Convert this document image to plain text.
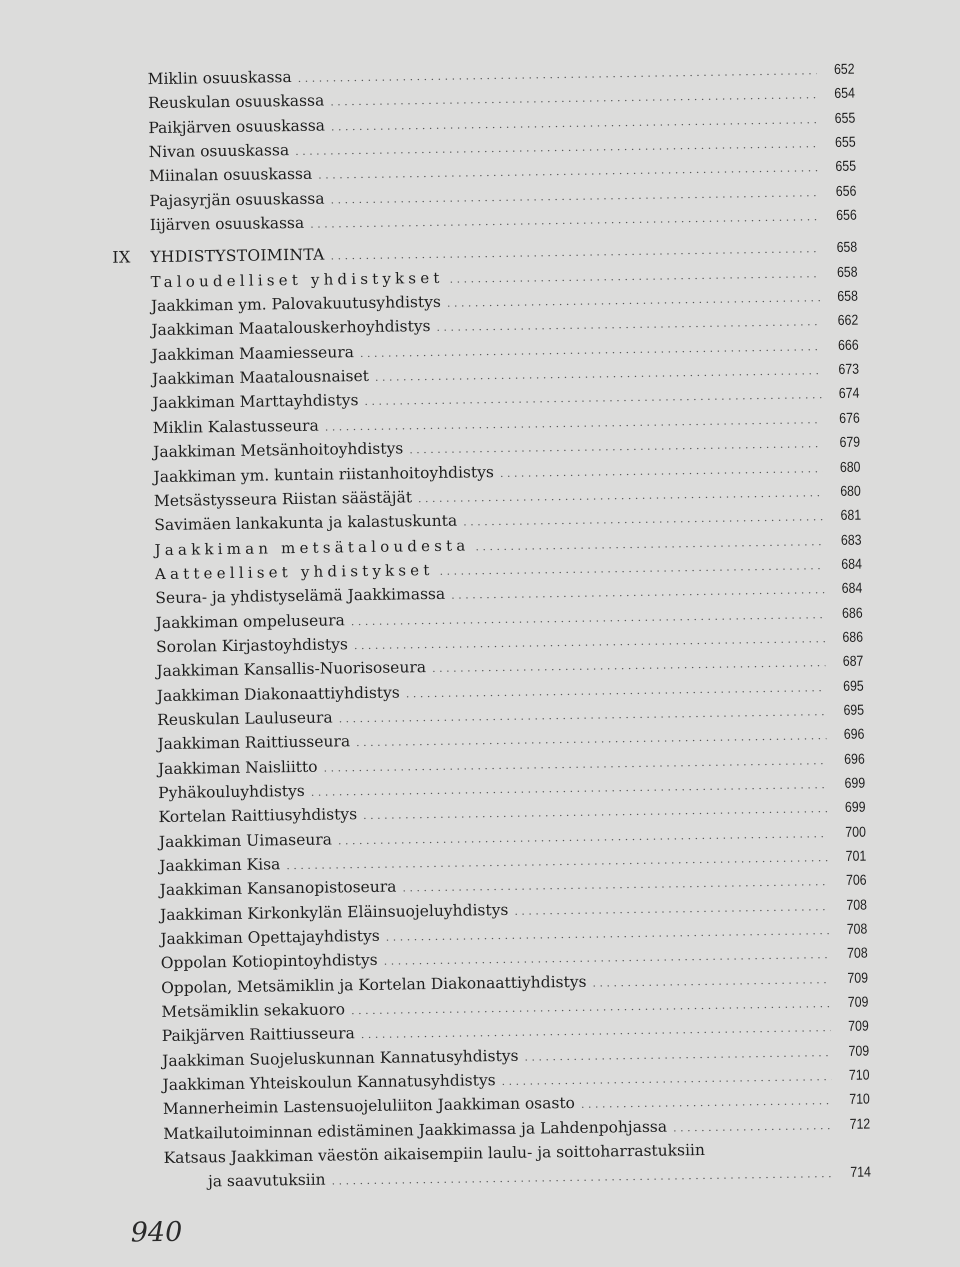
Miklin osuuskassa . . .	652
Reuskulan osuuskassa . . .	654
Paikjärven osuuskassa . . .	655
Nivan osuuskassa . . .	655
Miinalan osuuskassa . . .	655
Pajasyrjän osuuskassa . . .	656
Iijärven osuuskassa . . .	656
IX YHDISTYSTOIMINTA . . .	658
Taloudelliset yhdistykset . . .	658
Jaakkiman ym. Palovakuutusyhdistys . . .	658
Jaakkiman Maatalouskerhoyhdistys . . .	662
Jaakkiman Maamiesseura . . .	666
Jaakkiman Maatalousnaiset . . .	673
Jaakkiman Marttayhdistys . . .	674
Miklin Kalastusseura . . .	676
Jaakkiman Metsänhoitoyhdistys . . .	679
Jaakkiman ym. kuntain riistanhoitoyhdistys . . .	680
Metsästysseura Riistan säästäjät . . .	680
Savimäen lankakunta ja kalastuskunta . . .	681
Jaakkiman metsätaloudesta . . .	683
Aatteelliset yhdistykset . . .	684
Seura- ja yhdistyselämä Jaakkimassa . . .	684
Jaakkiman ompeluseura . . .	686
Sorolan Kirjastoyhdistys . . .	686
Jaakkiman Kansallis-Nuorisoseura . . .	687
Jaakkiman Diakonaattiyhdistys . . .	695
Reuskulan Lauluseura . . .	695
Jaakkiman Raittiusseura . . .	696
Jaakkiman Naisliitto . . .	696
Pyhäkouluyhdistys . . .	699
Kortelan Raittiusyhdistys . . .	699
Jaakkiman Uimaseura . . .	700
Jaakkiman Kisa . . .	701
Jaakkiman Kansanopistoseura . . .	706
Jaakkiman Kirkonkylän Eläinsuojeluyhdistys . . .	708
Jaakkiman Opettajayhdistys . . .	708
Oppolan Kotiopintoyhdistys . . .	708
Oppolan, Metsämiklin ja Kortelan Diakonaattiyhdistys . . .	709
Metsämiklin sekakuoro . . .	709
Paikjärven Raittiusseura . . .	709
Jaakkiman Suojeluskunnan Kannatusyhdistys . . .	709
Jaakkiman Yhteiskoulun Kannatusyhdistys . . .	710
Mannerheimin Lastensuojeluliiton Jaakkiman osasto . . .	710
Matkailutoiminnan edistäminen Jaakkimassa ja Lahdenpohjassa . . .	712
Katsaus Jaakkiman väestön aikaisempiin laulu- ja soittoharrastuksiin
ja saavutuksiin . . .	714
940
